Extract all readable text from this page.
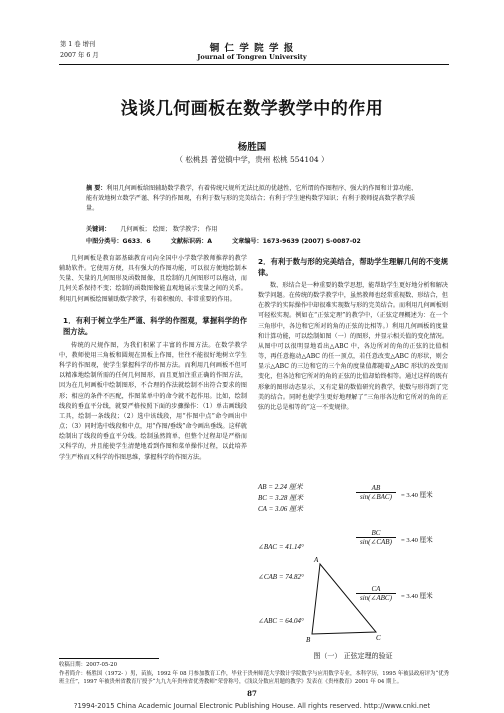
第 1 卷 增刊
2007 年 6 月
铜 仁 学 院 学 报
Journal of Tongren University
浅谈几何画板在数学教学中的作用
杨胜国
（ 松桃县 普觉镇中学，贵州 松桃 554104 ）
摘 要：利用几何画板给图辅助数学教学，有着传统尺规所无法比拟的优越性，它所谓的作图程序、强大的作图和计算功能、能有效地树立数学严谨、科学的作图观，有利于数与形的完美结合；有利于学生建构数学知识；有利于教师提高数学教学质量。
关键词： 几何画板； 绘图； 数学教学； 作用
中图分类号：G633．6	文献标识码：A	文章编号：1673-9639 (2007) S-0087-02

几何画板是教育部基础教育司向全国中小学数学教师推荐的教学辅助软件。它使用方便，具有强大的作图功能，可以很方便地绘制本矢量、矢量的几何图形及函数图像，且绘制的几何图形可以拖动，而几何关系保持不变；绘制的函数图像能直观地展示变量之间的关系。利用几何画板绘图辅助数学教学，有着积极的、非常重要的作用。

1．有利于树立学生严谨、科学的作图观，掌握科学的作图方法。

传统的尺规作图，为我们积累了丰富的作图方法。在数学教学中，教师使用三角板和圆规在黑板上作图，往往不能很好地树立学生科学的作图观，使学生掌握科学的作图方法。而利用几何画板不但可以精准地绘制所需的任何几何图形，而且更加注重正确的作图方法，因为在几何画板中绘制图形，不合理的作法就绘制不出符合要求的图形；相应的条件不匹配，作图菜单中的命令就不起作用。比如，绘制线段的垂直平分线，就要严格按照下面的步骤操作：（1）单击画线段工具，绘制一条线段；（2）选中该线段，用“作图中点”命令画出中点；（3）同时选中线段和中点，用“作图/垂线”命令画出垂线。这样就绘制出了线段的垂直平分线。绘制虽然简单，但整个过程却是严格而又科学的，并且能使学生清楚地看到作图和菜单操作过程，以此培养学生严格而又科学的作图思维，掌握科学的作图方法。

2．有利于数与形的完美结合，帮助学生理解几何的不变规律。

数、形结合是一种重要的数学思想，能帮助学生更好地分析和解决数学问题。在传统的数学教学中，虽然教师也经常重视数、形结合，但在教学的实际操作中却很难实现数与形的完美结合。而利用几何画板则可轻松实现。例如在“正弦定理”的教学中，（正弦定理概述为：在一个三角形中，各边和它所对的角的正弦的比相等。）利用几何画板的度量和计算功能，可以绘制如图（一）的图形，并显示相关值的变化情况。从图中可以很明显地看出△ABC 中，各边所对的角的正弦的比值相等，再任意拖动△ABC 的任一顶点，若任意改变△ABC 的形状，则会显示△ABC 的三边和它的三个角的度量值都随着△ABC 形状的改变而变化，但各边和它所对的角的正弦的比值却始终相等。通过这样的既有形象的图形动态显示，又有定量的数值研究的教学，使数与形得到了完美的结合。同时也使学生更好地理解了“三角形各边和它所对的角的正弦的比总是相等的”这一不变规律。

AB = 2.24 厘米
BC = 3.28 厘米
CA = 3.06 厘米
∠BAC = 41.14°
∠CAB = 74.82°
∠ABC = 64.04°
$\frac{AB}{\text{sin(∠BAC)}} = 3.40$ 厘米
$\frac{BC}{\text{sin(∠CAB)}} = 3.40$ 厘米
$\frac{CA}{\text{sin(∠ABC)}} = 3.40$ 厘米
A
B	C
图（一） 正弦定理的验证
收稿日期：2007-05-20
作者简介：杨胜国（1972- ）男，苗族，1992 年 08 月参加教育工作，毕业于贵州师范大学数计学院数学与应用数学专业，本科学历，1995 年被县政府评为“优秀班主任”，1997 年被贵州省教育厅授予“九九九年贵州省优秀教师”荣誉称号，《浅议分数应用题的教学》发表在《贵州教育》2001 年 04 期上。
87
?1994-2015 China Academic Journal Electronic Publishing House. All rights reserved. http://www.cnki.net
